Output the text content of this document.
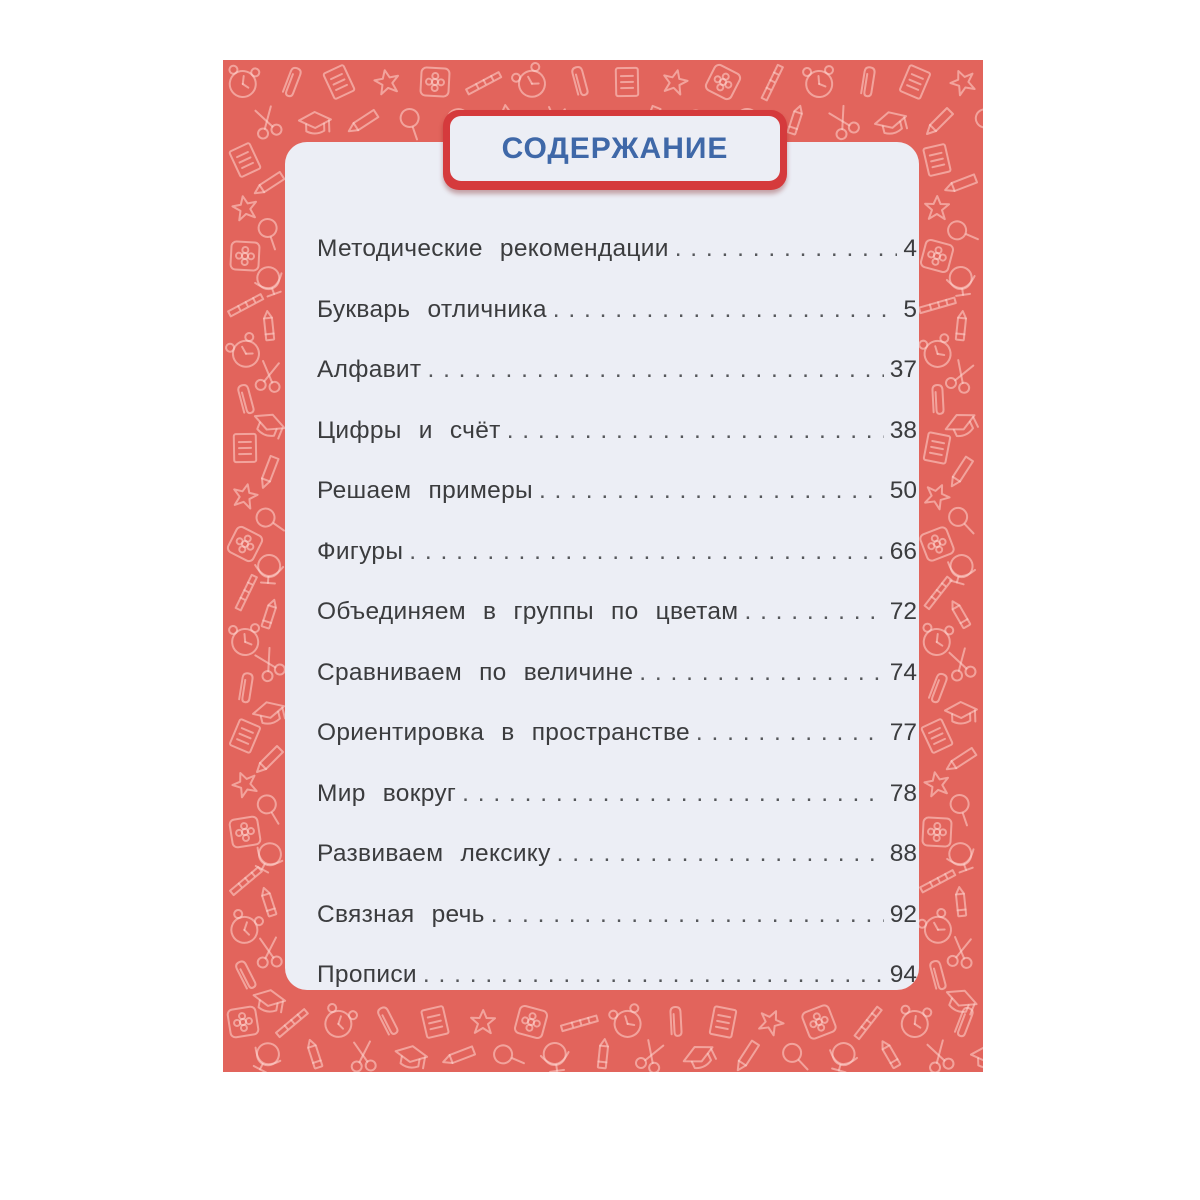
СОДЕРЖАНИЕ
Методические рекомендации . . .	4
Букварь отличника . . .	5
Алфавит . . .	37
Цифры и счёт . . .	38
Решаем примеры . . .	50
Фигуры . . .	66
Объединяем в группы по цветам . . .	72
Сравниваем по величине . . .	74
Ориентировка в пространстве . . .	77
Мир вокруг . . .	78
Развиваем лексику . . .	88
Связная речь . . .	92
Прописи . . .	94
